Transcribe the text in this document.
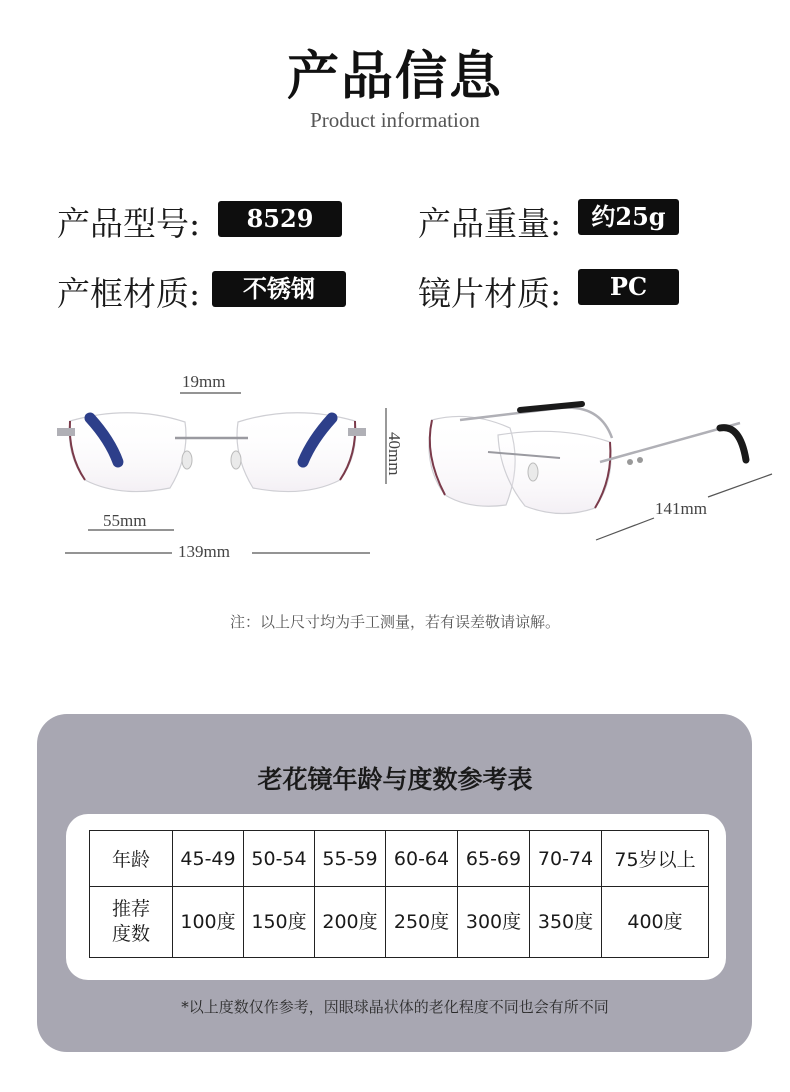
产品信息
Product information
产品型号:	8529	产品重量:	约25g
产框材质:	不锈钢	镜片材质:	PC
19mm
40mm
55mm
139mm
141mm
注：以上尺寸均为手工测量，若有误差敬请谅解。
老花镜年龄与度数参考表
年龄	45-49	50-54	55-59	60-64	65-69	70-74	75岁以上
推荐
度数	100度	150度	200度	250度	300度	350度	400度
*以上度数仅作参考，因眼球晶状体的老化程度不同也会有所不同
